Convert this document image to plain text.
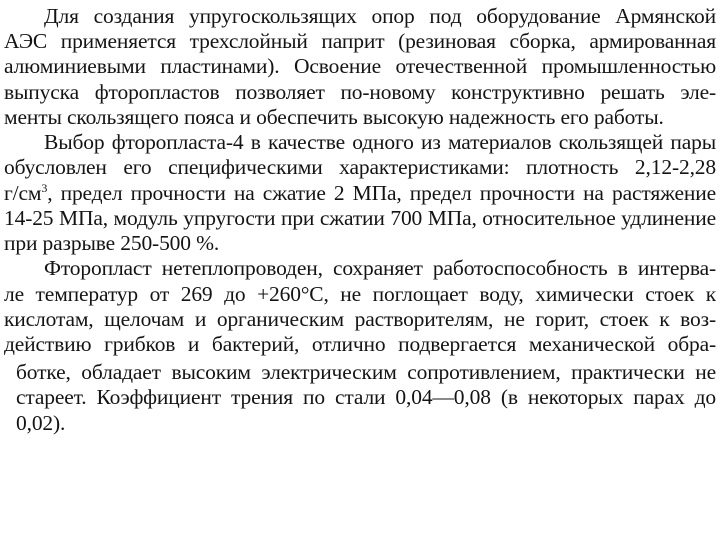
Для создания упругоскользящих опор под оборудование Армянской

АЭС применяется трехслойный паприт (резиновая сборка, армированная

алюминиевыми пластинами). Освоение отечественной промышленностью

выпуска фторопластов позволяет по-новому конструктивно решать эле-

менты скользящего пояса и обеспечить высокую надежность его работы.

Выбор фторопласта-4 в качестве одного из материалов скользящей пары

обусловлен его специфическими характеристиками: плотность 2,12-2,28

$г/см^3$, предел прочности на сжатие 2 МПа, предел прочности на растяжение

14-25 МПа, модуль упругости при сжатии 700 МПа, относительное удлинение

при разрыве 250-500 %.

Фторопласт нетеплопроводен, сохраняет работоспособность в интерва-

ле температур от 269 до +260°С, не поглощает воду, химически стоек к

кислотам, щелочам и органическим растворителям, не горит, стоек к воз-

действию грибков и бактерий, отлично подвергается механической обра-

ботке, обладает высоким электрическим сопротивлением, практически не

стареет. Коэффициент трения по стали 0,04—0,08 (в некоторых парах до

0,02).
